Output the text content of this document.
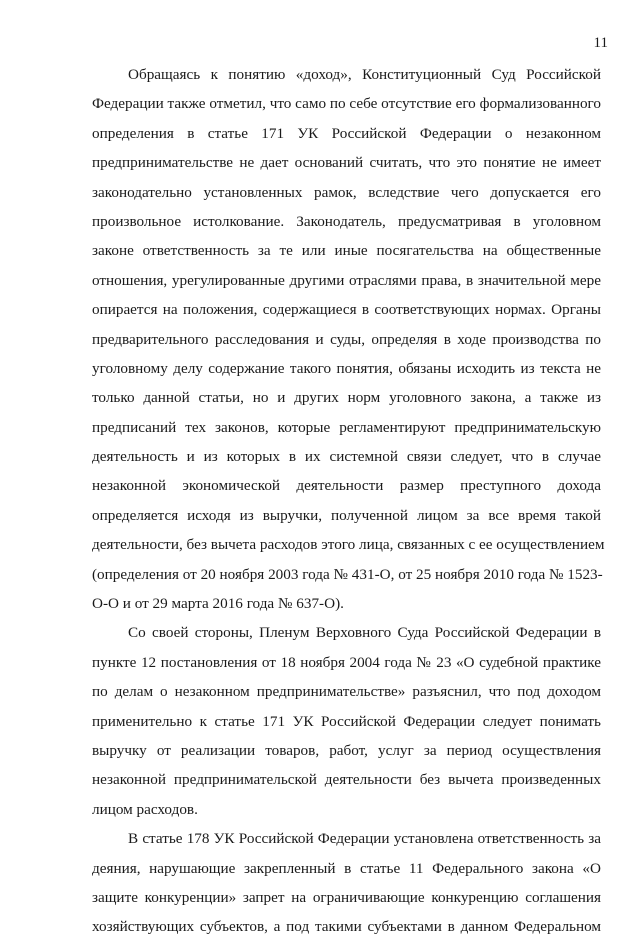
11
Обращаясь к понятию «доход», Конституционный Суд Российской
Федерации также отметил, что само по себе отсутствие его формализованного
определения в статье 171 УК Российской Федерации о незаконном
предпринимательстве не дает оснований считать, что это понятие не имеет
законодательно установленных рамок, вследствие чего допускается его
произвольное истолкование. Законодатель, предусматривая в уголовном
законе ответственность за те или иные посягательства на общественные
отношения, урегулированные другими отраслями права, в значительной мере
опирается на положения, содержащиеся в соответствующих нормах. Органы
предварительного расследования и суды, определяя в ходе производства по
уголовному делу содержание такого понятия, обязаны исходить из текста не
только данной статьи, но и других норм уголовного закона, а также из
предписаний тех законов, которые регламентируют предпринимательскую
деятельность и из которых в их системной связи следует, что в случае
незаконной экономической деятельности размер преступного дохода
определяется исходя из выручки, полученной лицом за все время такой
деятельности, без вычета расходов этого лица, связанных с ее осуществлением
(определения от 20 ноября 2003 года № 431-О, от 25 ноября 2010 года № 1523-
О-О и от 29 марта 2016 года № 637-О).
Со своей стороны, Пленум Верховного Суда Российской Федерации в
пункте 12 постановления от 18 ноября 2004 года № 23 «О судебной практике
по делам о незаконном предпринимательстве» разъяснил, что под доходом
применительно к статье 171 УК Российской Федерации следует понимать
выручку от реализации товаров, работ, услуг за период осуществления
незаконной предпринимательской деятельности без вычета произведенных
лицом расходов.
В статье 178 УК Российской Федерации установлена ответственность за
деяния, нарушающие закрепленный в статье 11 Федерального закона «О
защите конкуренции» запрет на ограничивающие конкуренцию соглашения
хозяйствующих субъектов, а под такими субъектами в данном Федеральном
